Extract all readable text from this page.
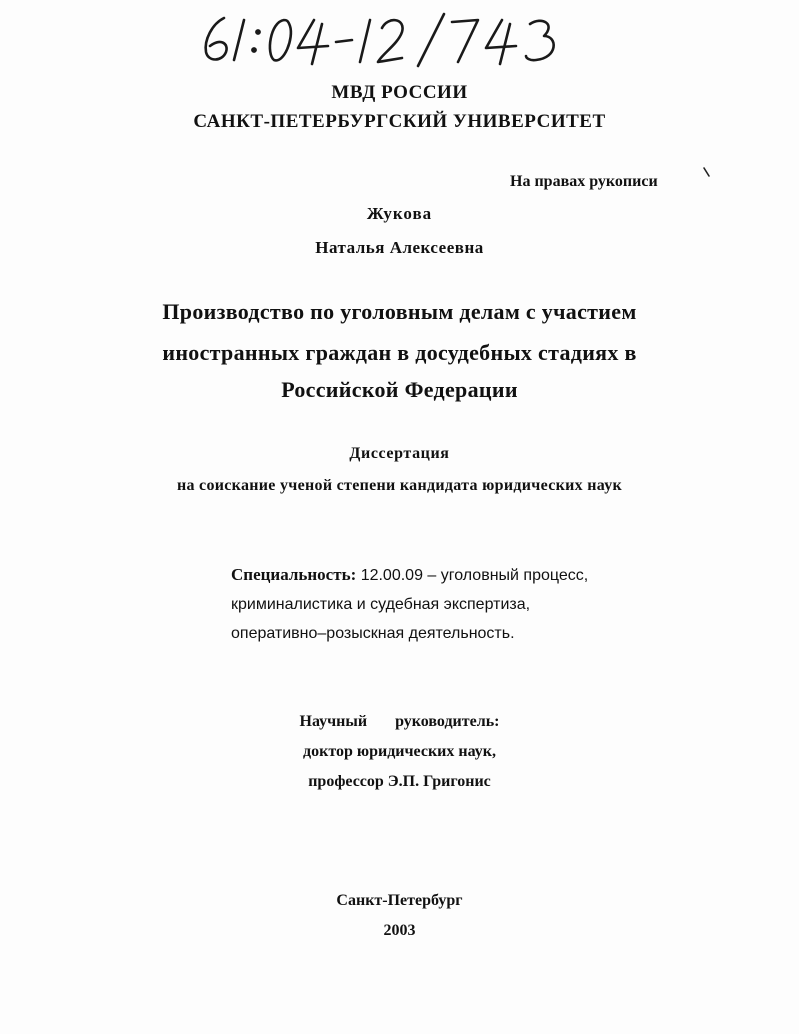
МВД РОССИИ
САНКТ-ПЕТЕРБУРГСКИЙ УНИВЕРСИТЕТ
На правах рукописи
Жукова
Наталья Алексеевна
Производство по уголовным делам с участием
иностранных граждан в досудебных стадиях в
Российской Федерации
Диссертация
на соискание ученой степени кандидата юридических наук
Специальность: 12.00.09 – уголовный процесс,
криминалистика и судебная экспертиза,
оперативно–розыскная деятельность.
Научный руководитель:
доктор юридических наук,
профессор Э.П. Григонис
Санкт-Петербург
2003
